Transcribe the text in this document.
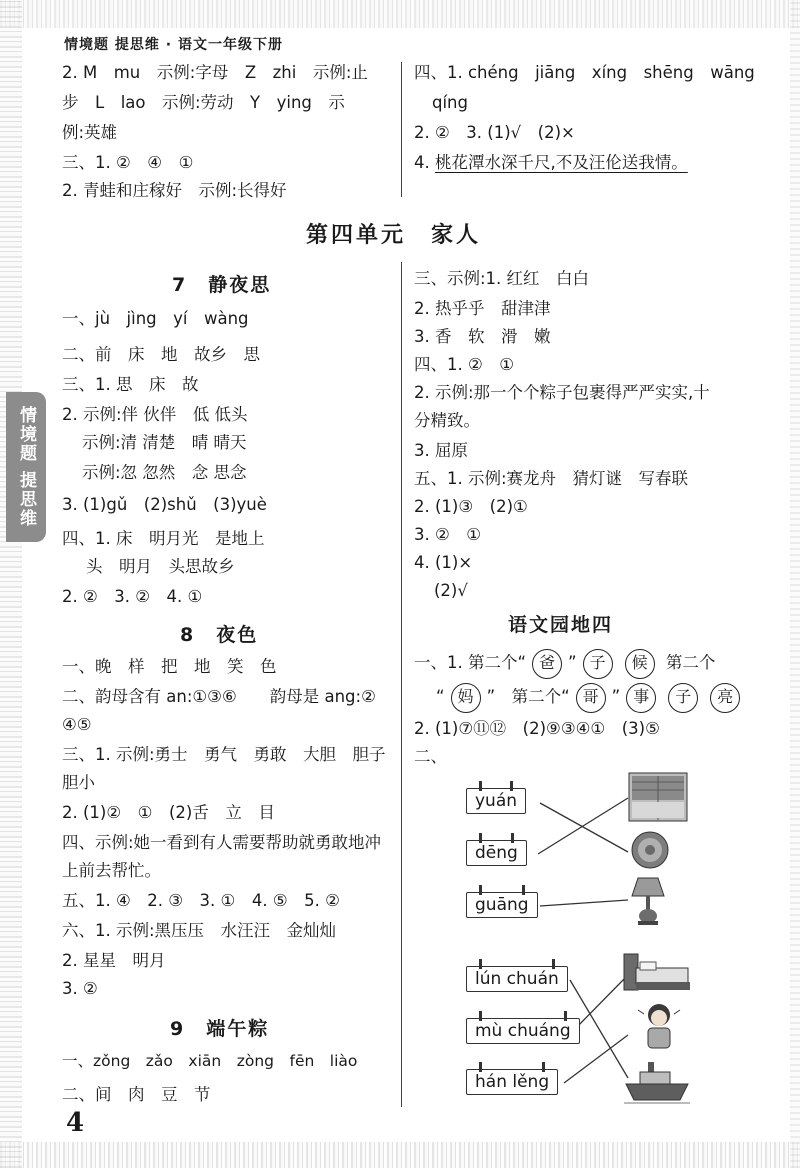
情境题 提思维 · 语文一年级下册
情境题 提思维
4
2. M　mu　示例:字母　Z　zhi　示例:止
步　L　lao　示例:劳动　Y　ying　示
例:英雄
三、1. ②　④　①
2. 青蛙和庄稼好　示例:长得好
四、1. chéng　jiāng　xíng　shēng　wāng
qíng
2. ②　3. (1)√　(2)×
4. 桃花潭水深千尺,不及汪伦送我情。
第四单元　家人
7　静夜思
一、jù　jìng　yí　wàng
二、前　床　地　故乡　思
三、1. 思　床　故
2. 示例:伴 伙伴　低 低头
示例:清 清楚　晴 晴天
示例:忽 忽然　念 思念
3. (1)gǔ　(2)shǔ　(3)yuè
四、1. 床　明月光　是地上
头　明月　头思故乡
2. ②　3. ②　4. ①
8　夜色
一、晚　样　把　地　笑　色
二、韵母含有 an:①③⑥　　韵母是 ang:②
④⑤
三、1. 示例:勇士　勇气　勇敢　大胆　胆子
胆小
2. (1)②　①　(2)舌　立　目
四、示例:她一看到有人需要帮助就勇敢地冲
上前去帮忙。
五、1. ④　2. ③　3. ①　4. ⑤　5. ②
六、1. 示例:黑压压　水汪汪　金灿灿
2. 星星　明月
3. ②
9　端午粽
一、zǒng　zǎo　xiān　zòng　fēn　liào
二、间　肉　豆　节
三、示例:1. 红红　白白
2. 热乎乎　甜津津
3. 香　软　滑　嫩
四、1. ②　①
2. 示例:那一个个粽子包裹得严严实实,十
分精致。
3. 屈原
五、1. 示例:赛龙舟　猜灯谜　写春联
2. (1)③　(2)①
3. ②　①
4. (1)×
(2)√
语文园地四
一、1. 第二个“ 爸 ” 子 候 第二个
“ 妈 ”　第二个“ 哥 ” 事 子 亮
2. (1)⑦⑪⑫　(2)⑨③④①　(3)⑤
二、
yuán
dēng
guāng
lún chuán
mù chuáng
hán lěng
